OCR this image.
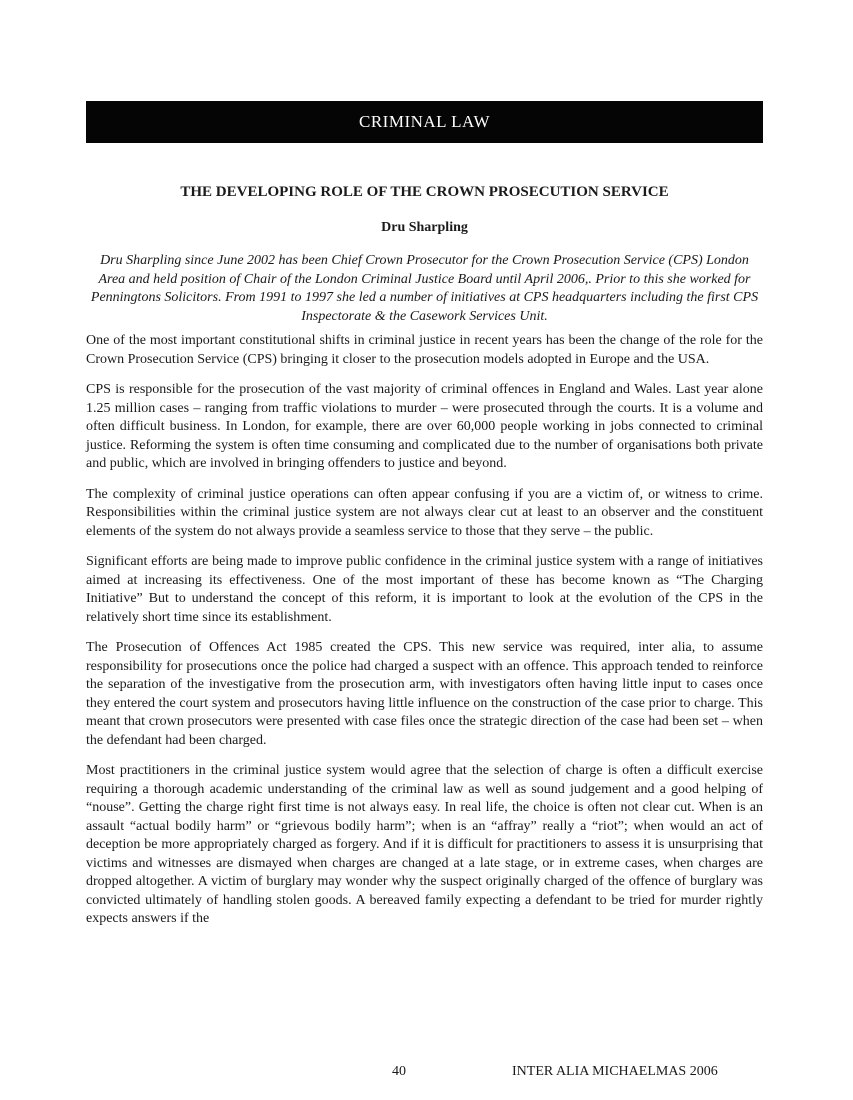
CRIMINAL LAW
THE DEVELOPING ROLE OF THE CROWN PROSECUTION SERVICE
Dru Sharpling

Dru Sharpling since June 2002 has been Chief Crown Prosecutor for the Crown Prosecution Service (CPS) London Area and held position of Chair of the London Criminal Justice Board until April 2006,. Prior to this she worked for Penningtons Solicitors. From 1991 to 1997 she led a number of initiatives at CPS headquarters including the first CPS Inspectorate & the Casework Services Unit.

One of the most important constitutional shifts in criminal justice in recent years has been the change of the role for the Crown Prosecution Service (CPS) bringing it closer to the prosecution models adopted in Europe and the USA.

CPS is responsible for the prosecution of the vast majority of criminal offences in England and Wales. Last year alone 1.25 million cases – ranging from traffic violations to murder – were prosecuted through the courts. It is a volume and often difficult business. In London, for example, there are over 60,000 people working in jobs connected to criminal justice. Reforming the system is often time consuming and complicated due to the number of organisations both private and public, which are involved in bringing offenders to justice and beyond.

The complexity of criminal justice operations can often appear confusing if you are a victim of, or witness to crime. Responsibilities within the criminal justice system are not always clear cut at least to an observer and the constituent elements of the system do not always provide a seamless service to those that they serve – the public.

Significant efforts are being made to improve public confidence in the criminal justice system with a range of initiatives aimed at increasing its effectiveness. One of the most important of these has become known as “The Charging Initiative” But to understand the concept of this reform, it is important to look at the evolution of the CPS in the relatively short time since its establishment.

The Prosecution of Offences Act 1985 created the CPS. This new service was required, inter alia, to assume responsibility for prosecutions once the police had charged a suspect with an offence. This approach tended to reinforce the separation of the investigative from the prosecution arm, with investigators often having little input to cases once they entered the court system and prosecutors having little influence on the construction of the case prior to charge. This meant that crown prosecutors were presented with case files once the strategic direction of the case had been set – when the defendant had been charged.

Most practitioners in the criminal justice system would agree that the selection of charge is often a difficult exercise requiring a thorough academic understanding of the criminal law as well as sound judgement and a good helping of “nouse”. Getting the charge right first time is not always easy. In real life, the choice is often not clear cut. When is an assault “actual bodily harm” or “grievous bodily harm”; when is an “affray” really a “riot”; when would an act of deception be more appropriately charged as forgery. And if it is difficult for practitioners to assess it is unsurprising that victims and witnesses are dismayed when charges are changed at a late stage, or in extreme cases, when charges are dropped altogether. A victim of burglary may wonder why the suspect originally charged of the offence of burglary was convicted ultimately of handling stolen goods. A bereaved family expecting a defendant to be tried for murder rightly expects answers if the

40	INTER ALIA MICHAELMAS 2006
